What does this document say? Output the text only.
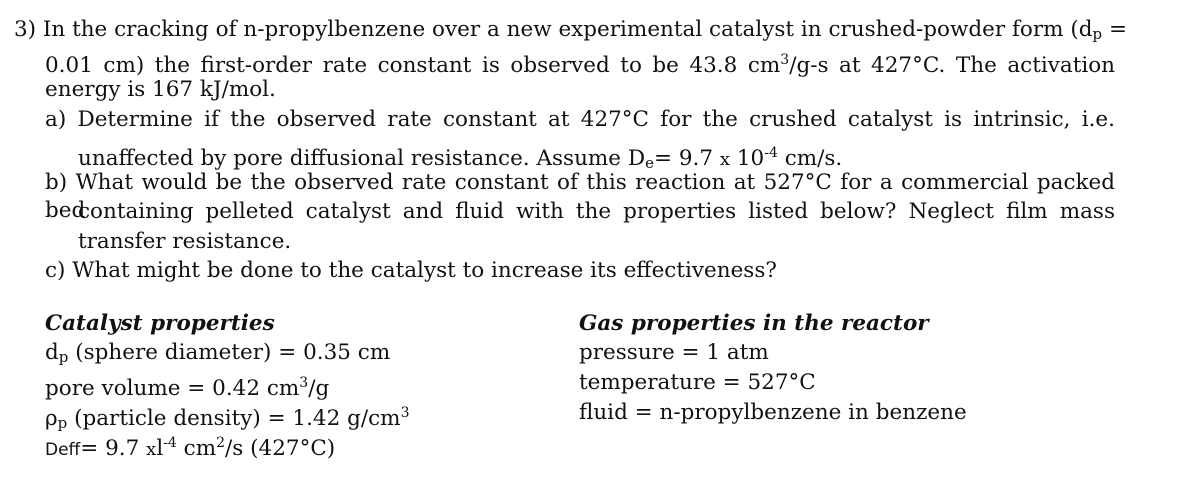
3) In the cracking of n-propylbenzene over a new experimental catalyst in crushed-powder form ($d_p$ =
0.01 cm) the first-order rate constant is observed to be 43.8 $cm^3/g-s$ at 427°C. The activation
energy is 167 kJ/mol.
a) Determine if the observed rate constant at 427°C for the crushed catalyst is intrinsic, i.e.
unaffected by pore diffusional resistance. Assume $D_e= 9.7$ x $10^{-4}$ cm/s.
b) What would be the observed rate constant of this reaction at 527°C for a commercial packed bed
containing pelleted catalyst and fluid with the properties listed below? Neglect film mass
transfer resistance.
c) What might be done to the catalyst to increase its effectiveness?
Catalyst properties
$d_p$ (sphere diameter) = 0.35 cm
pore volume = 0.42 $cm^3/g$
$\rho_p$ (particle density) = 1.42 $g/cm^3$
Deff= 9.7 $xl^{-4}$ $cm^2/s$ (427°C)
Gas properties in the reactor
pressure = 1 atm
temperature = 527°C
fluid = n-propylbenzene in benzene
